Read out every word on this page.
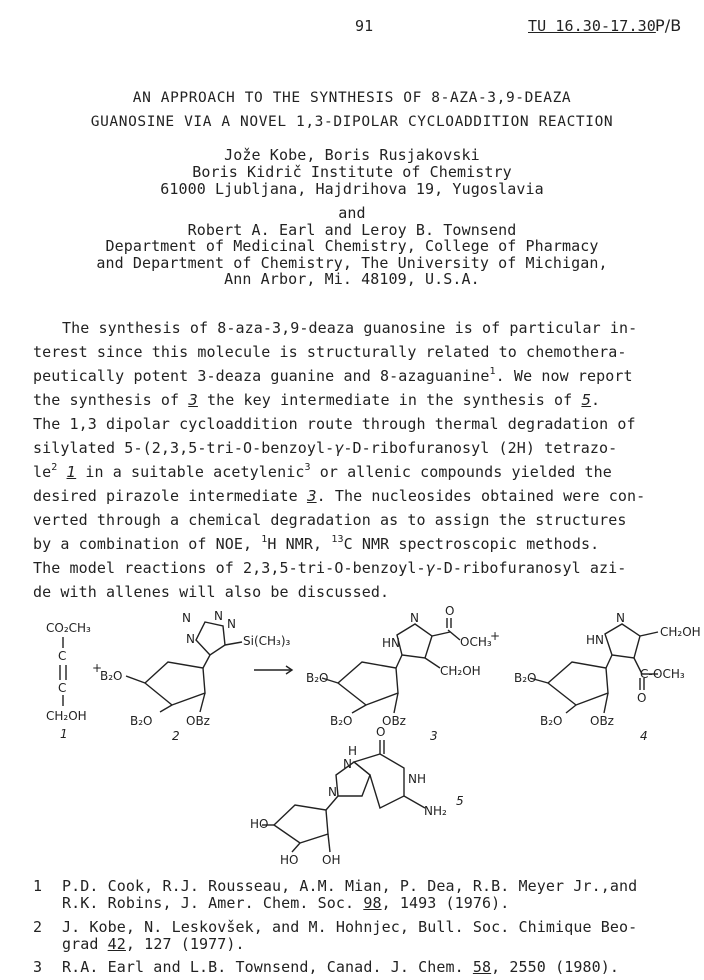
91	TU 16.30-17.30 P/B
AN APPROACH TO THE SYNTHESIS OF 8-AZA-3,9-DEAZA
GUANOSINE VIA A NOVEL 1,3-DIPOLAR CYCLOADDITION REACTION
Jože Kobe, Boris Rusjakovski
Boris Kidrič Institute of Chemistry
61000 Ljubljana, Hajdrihova 19, Yugoslavia
and
Robert A. Earl and Leroy B. Townsend
Department of Medicinal Chemistry, College of Pharmacy
and Department of Chemistry, The University of Michigan,
Ann Arbor, Mi. 48109, U.S.A.
The synthesis of 8-aza-3,9-deaza guanosine is of particular in-
terest since this molecule is structurally related to chemothera-
peutically potent 3-deaza guanine and 8-azaguanine$^1$. We now report
the synthesis of 3 the key intermediate in the synthesis of 5.
The 1,3 dipolar cycloaddition route through thermal degradation of
silylated 5-(2,3,5-tri-O-benzoyl-γ-D-ribofuranosyl (2H) tetrazo-
$le^2$ 1 in a suitable acetylenic$^3$ or allenic compounds yielded the
desired pirazole intermediate 3. The nucleosides obtained were con-
verted through a chemical degradation as to assign the structures
by a combination of NOE, $^1$H NMR, $^{13}$C NMR spectroscopic methods.
The model reactions of 2,3,5-tri-O-benzoyl-γ-D-ribofuranosyl azi-
de with allenes will also be discussed.
CO₂CH₃
C
C
CH₂OH
1
+
N N
N
N	Si(CH₃)₃
B₂O
B₂O	OBz
2
N
HN	OCH₃
O
CH₂OH
B₂O
B₂O OBz
3
+
N
HN
CH₂OH
C-OCH₃
O
B₂O
B₂O OBz
4
H
N
N
O
NH
NH₂
5
HO
HO OH
1 P.D. Cook, R.J. Rousseau, A.M. Mian, P. Dea, R.B. Meyer Jr.,and
R.K. Robins, J. Amer. Chem. Soc. 98, 1493 (1976).
2 J. Kobe, N. Leskovšek, and M. Hohnjec, Bull. Soc. Chimique Beo-
grad 42, 127 (1977).
3 R.A. Earl and L.B. Townsend, Canad. J. Chem. 58, 2550 (1980).
